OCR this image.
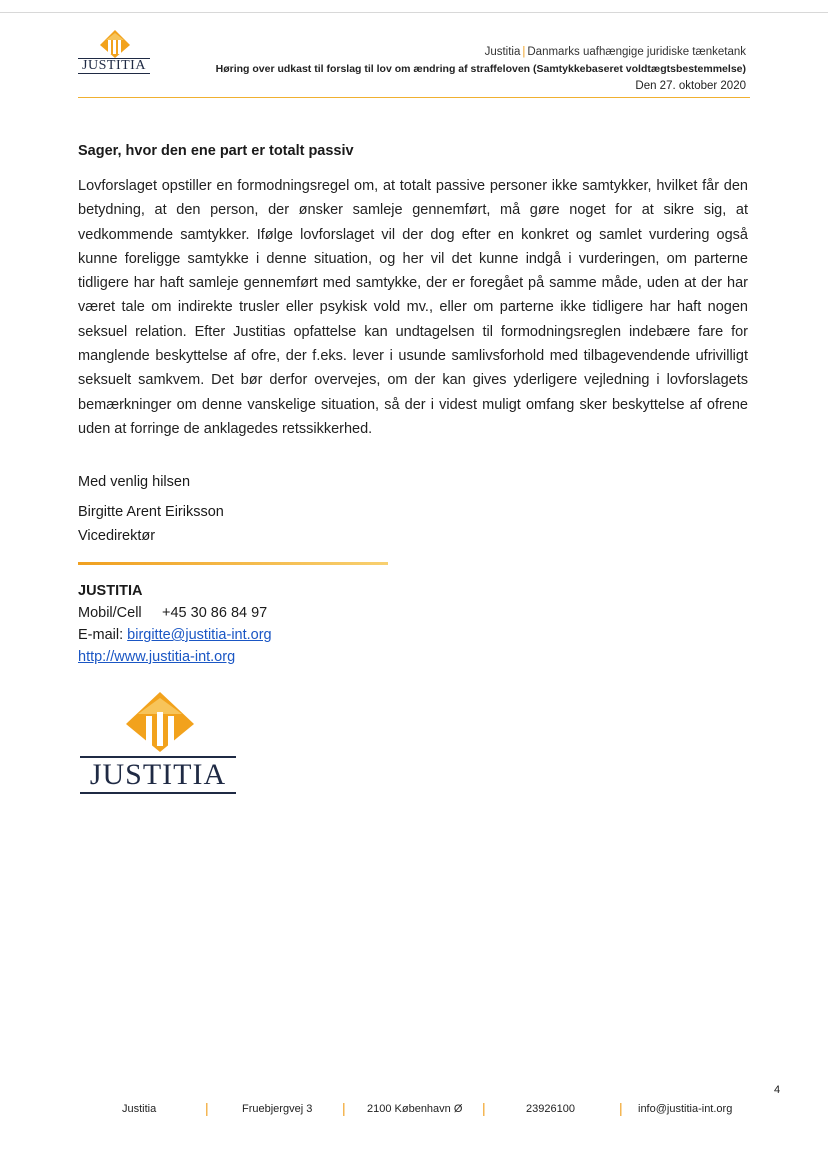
JUSTITIA
Justitia | Danmarks uafhængige juridiske tænketank
Høring over udkast til forslag til lov om ændring af straffeloven (Samtykkebaseret voldtægtsbestemmelse)
Den 27. oktober 2020
Sager, hvor den ene part er totalt passiv
Lovforslaget opstiller en formodningsregel om, at totalt passive personer ikke samtykker, hvilket får den betydning, at den person, der ønsker samleje gennemført, må gøre noget for at sikre sig, at vedkommende samtykker. Ifølge lovforslaget vil der dog efter en konkret og samlet vurdering også kunne foreligge samtykke i denne situation, og her vil det kunne indgå i vurderingen, om parterne tidligere har haft samleje gennemført med samtykke, der er foregået på samme måde, uden at der har været tale om indirekte trusler eller psykisk vold mv., eller om parterne ikke tidligere har haft nogen seksuel relation. Efter Justitias opfattelse kan undtagelsen til formodningsreglen indebære fare for manglende beskyttelse af ofre, der f.eks. lever i usunde samlivsforhold med tilbagevendende ufrivilligt seksuelt samkvem. Det bør derfor overvejes, om der kan gives yderligere vejledning i lovforslagets bemærkninger om denne vanskelige situation, så der i videst muligt omfang sker beskyttelse af ofrene uden at forringe de anklagedes retssikkerhed.
Med venlig hilsen
Birgitte Arent Eiriksson
Vicedirektør
JUSTITIA
Mobil/Cell +45 30 86 84 97
E-mail: birgitte@justitia-int.org
http://www.justitia-int.org
JUSTITIA
4
Justitia	|	Fruebjergvej 3 | 2100 København Ø |	23926100	| info@justitia-int.org
